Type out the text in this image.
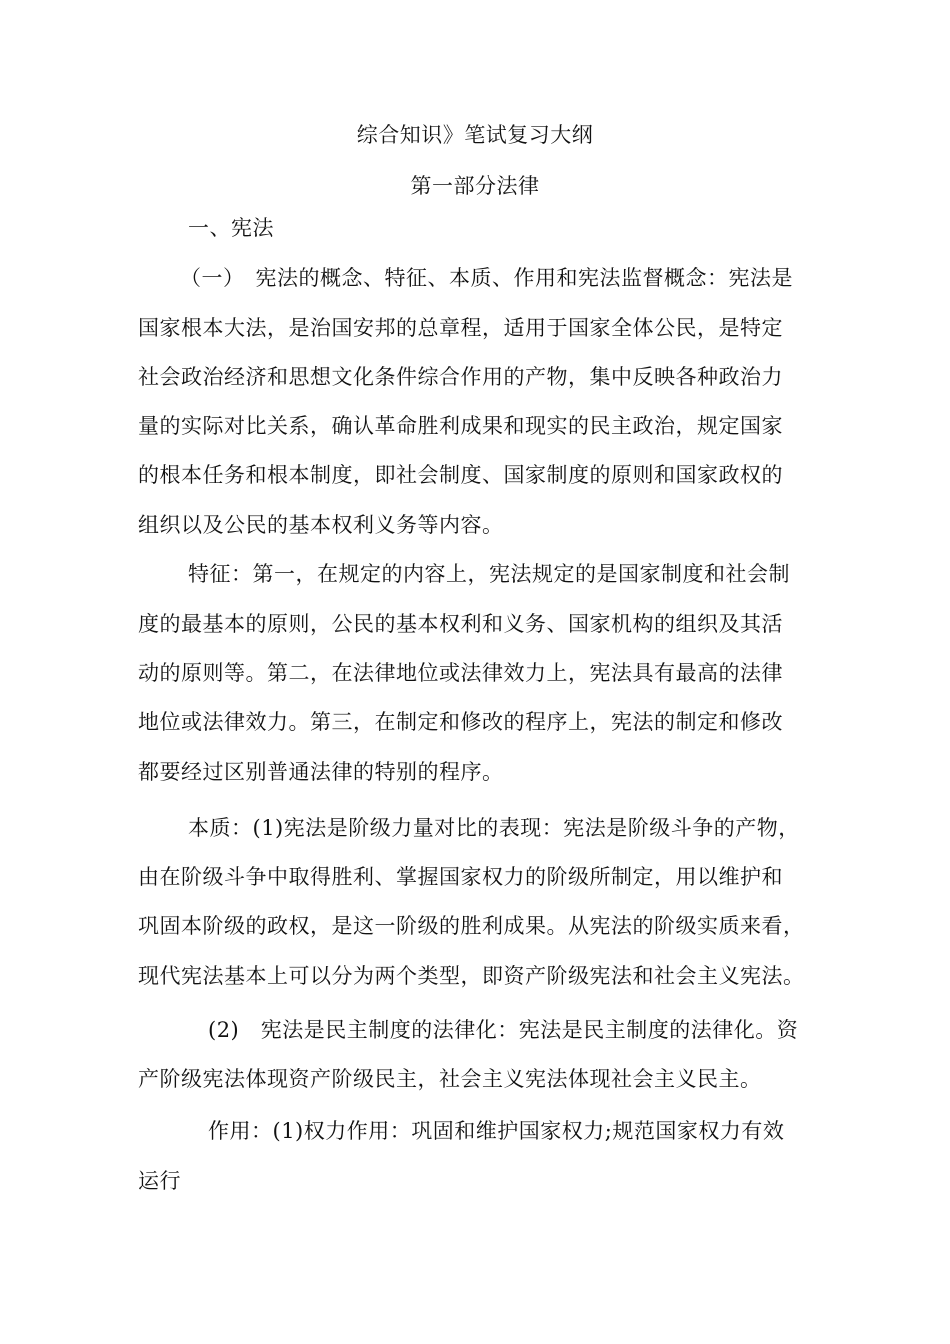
综合知识》笔试复习大纲
第一部分法律
一、宪法
（一）　宪法的概念、特征、本质、作用和宪法监督概念：宪法是
国家根本大法，是治国安邦的总章程，适用于国家全体公民，是特定
社会政治经济和思想文化条件综合作用的产物，集中反映各种政治力
量的实际对比关系，确认革命胜利成果和现实的民主政治，规定国家
的根本任务和根本制度，即社会制度、国家制度的原则和国家政权的
组织以及公民的基本权利义务等内容。
特征：第一，在规定的内容上，宪法规定的是国家制度和社会制
度的最基本的原则，公民的基本权利和义务、国家机构的组织及其活
动的原则等。第二，在法律地位或法律效力上，宪法具有最高的法律
地位或法律效力。第三，在制定和修改的程序上，宪法的制定和修改
都要经过区别普通法律的特别的程序。
本质：(1)宪法是阶级力量对比的表现：宪法是阶级斗争的产物，
由在阶级斗争中取得胜利、掌握国家权力的阶级所制定，用以维护和
巩固本阶级的政权，是这一阶级的胜利成果。从宪法的阶级实质来看，
现代宪法基本上可以分为两个类型，即资产阶级宪法和社会主义宪法。
(2)　宪法是民主制度的法律化：宪法是民主制度的法律化。资
产阶级宪法体现资产阶级民主，社会主义宪法体现社会主义民主。
作用：(1)权力作用：巩固和维护国家权力;规范国家权力有效
运行
